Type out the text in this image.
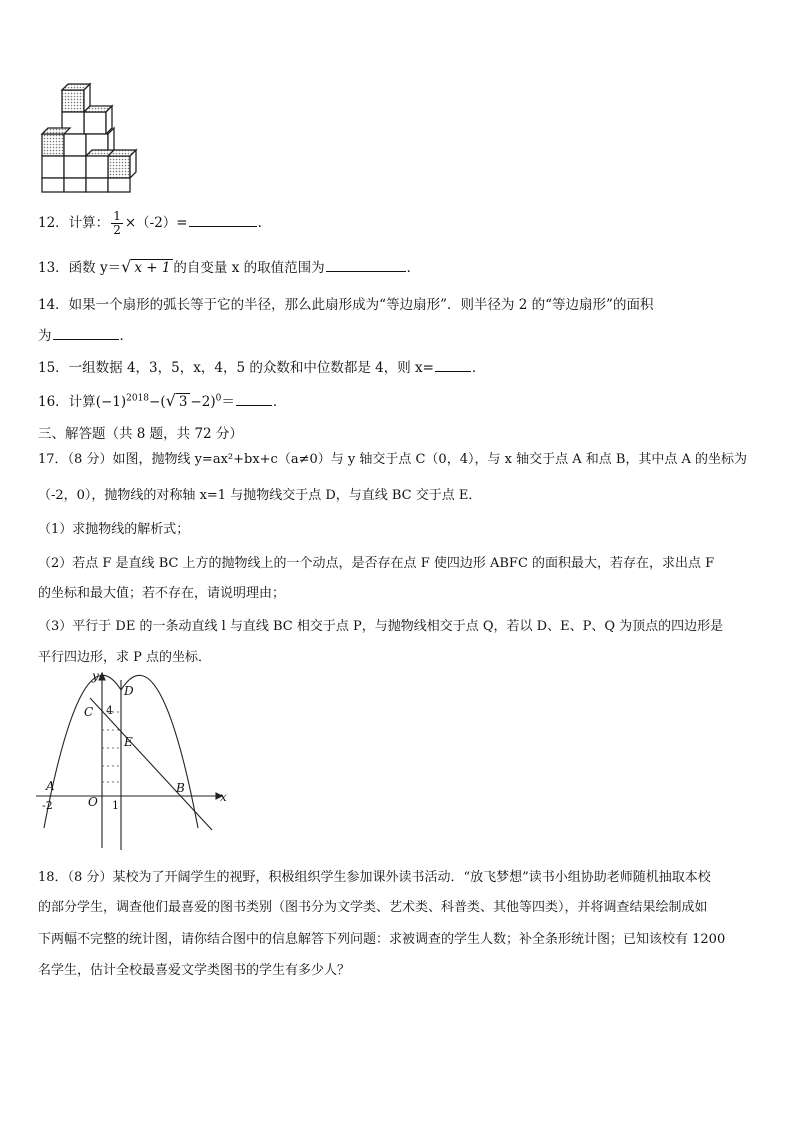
12．计算： $\frac{1}{2} \times(-2)=$	.
13．函数 y＝√ x + 1 的自变量 x 的取值范围为	．
14．如果一个扇形的弧长等于它的半径，那么此扇形成为“等边扇形”．则半径为 2 的“等边扇形”的面积
为	．
15．一组数据 4，3，5，x，4，5 的众数和中位数都是 4，则 x=	．
16．计算$(-1)^{2018}-(√$ 3 −2)$^0$＝	．
三、解答题（共 8 题，共 72 分）
17．（8 分）如图，抛物线 y=ax²+bx+c（a≠0）与 y 轴交于点 C（0，4），与 x 轴交于点 A 和点 B，其中点 A 的坐标为
（-2，0），抛物线的对称轴 x=1 与抛物线交于点 D，与直线 BC 交于点 E．
（1）求抛物线的解析式；
（2）若点 F 是直线 BC 上方的抛物线上的一个动点，是否存在点 F 使四边形 ABFC 的面积最大，若存在，求出点 F
的坐标和最大值；若不存在，请说明理由；
（3）平行于 DE 的一条动直线 l 与直线 BC 相交于点 P，与抛物线相交于点 Q，若以 D、E、P、Q 为顶点的四边形是
平行四边形，求 P 点的坐标．
y
x
D
C
E
A	B
O
4
-2	1
18．（8 分）某校为了开阔学生的视野，积极组织学生参加课外读书活动．“放飞梦想”读书小组协助老师随机抽取本校
的部分学生，调查他们最喜爱的图书类别（图书分为文学类、艺术类、科普类、其他等四类），并将调查结果绘制成如
下两幅不完整的统计图，请你结合图中的信息解答下列问题：求被调查的学生人数；补全条形统计图；已知该校有 1200
名学生，估计全校最喜爱文学类图书的学生有多少人？
